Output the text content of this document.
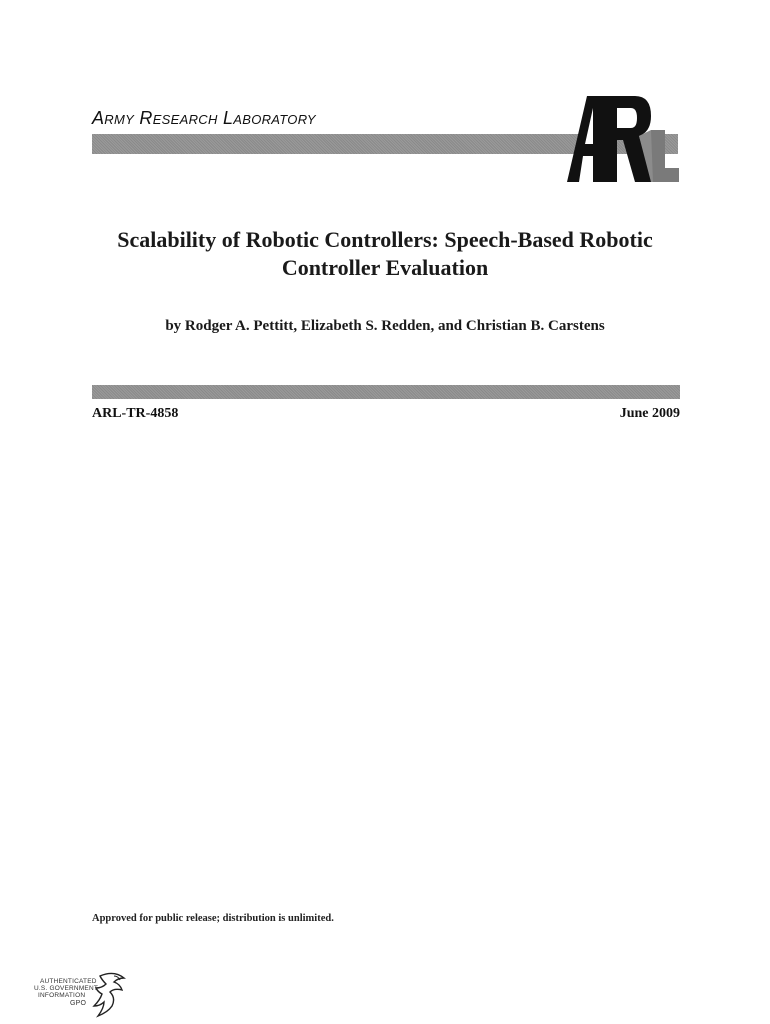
Army Research Laboratory
Scalability of Robotic Controllers: Speech-Based Robotic
Controller Evaluation
by Rodger A. Pettitt, Elizabeth S. Redden, and Christian B. Carstens
ARL-TR-4858	June 2009
Approved for public release; distribution is unlimited.
AUTHENTICATED
U.S. GOVERNMENT
INFORMATION
GPO
